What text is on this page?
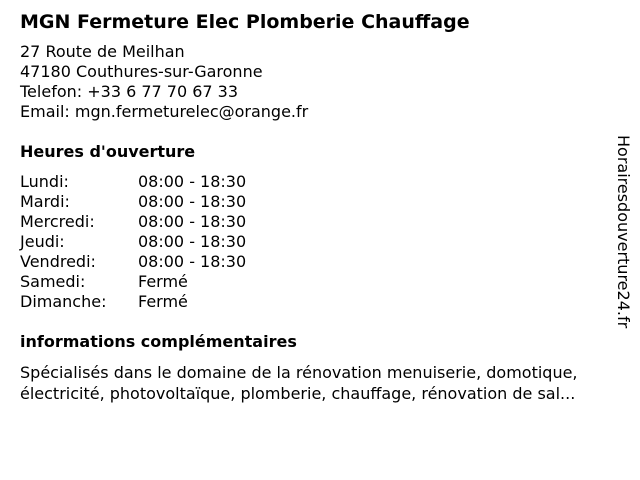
MGN Fermeture Elec Plomberie Chauffage
27 Route de Meilhan
47180 Couthures-sur-Garonne
Telefon: +33 6 77 70 67 33
Email: mgn.fermeturelec@orange.fr
Heures d'ouverture
Lundi:	08:00 - 18:30
Mardi:	08:00 - 18:30
Mercredi:	08:00 - 18:30
Jeudi:	08:00 - 18:30
Vendredi:	08:00 - 18:30
Samedi:	Fermé
Dimanche:	Fermé
informations complémentaires
Spécialisés dans le domaine de la rénovation menuiserie, domotique, électricité, photovoltaïque, plomberie, chauffage, rénovation de sal...
Horairesdouverture24.fr
